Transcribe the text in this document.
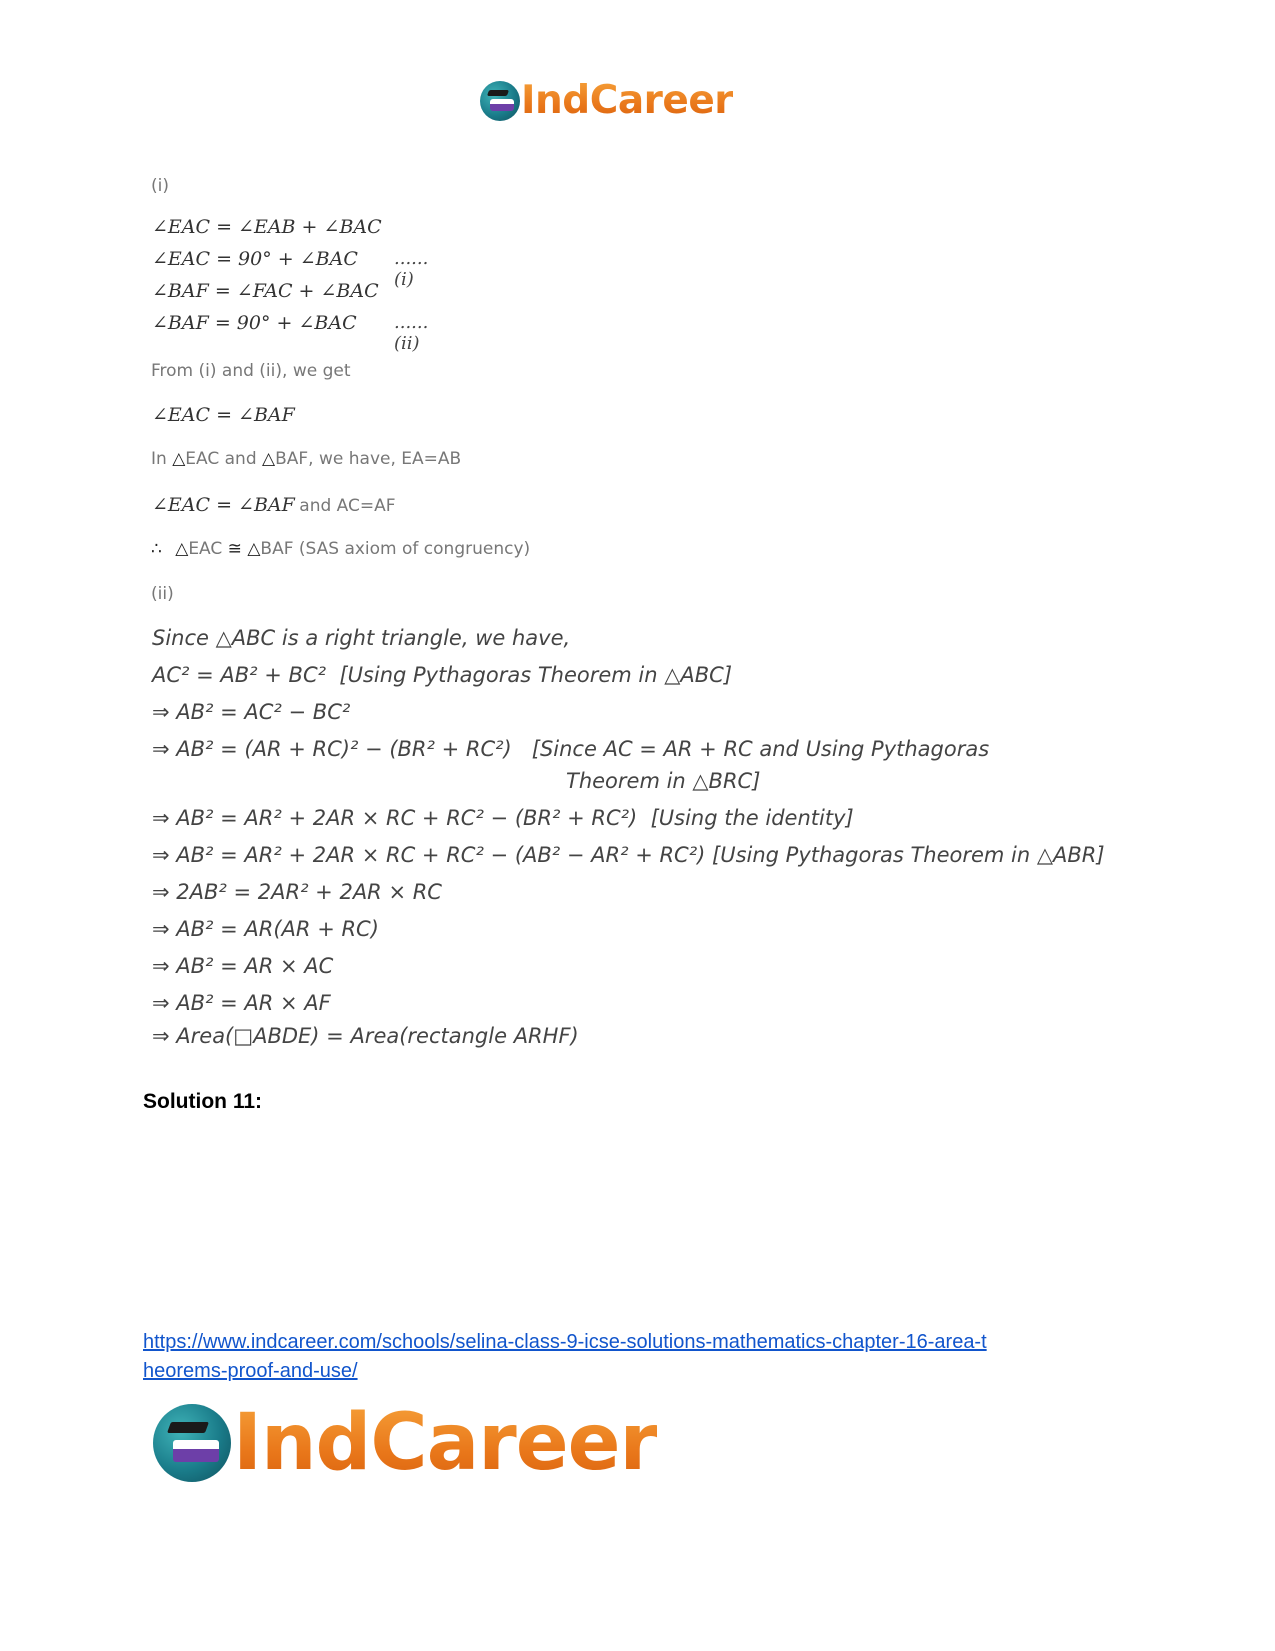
IndCareer
(i)
∠EAC = ∠EAB + ∠BAC
∠EAC = 90° + ∠BAC ......(i)
∠BAF = ∠FAC + ∠BAC
∠BAF = 90° + ∠BAC ......(ii)
From (i) and (ii), we get
∠EAC = ∠BAF
In △EAC and △BAF, we have, EA=AB
∠EAC = ∠BAF and AC=AF
∴ △EAC ≅ △BAF (SAS axiom of congruency)
(ii)
Since △ABC is a right triangle, we have,
AC² = AB² + BC²  [Using Pythagoras Theorem in △ABC]
⇒ AB² = AC² − BC²
⇒ AB² = (AR + RC)² − (BR² + RC²)   [Since AC = AR + RC and Using Pythagoras
Theorem in △BRC]
⇒ AB² = AR² + 2AR × RC + RC² − (BR² + RC²)  [Using the identity]
⇒ AB² = AR² + 2AR × RC + RC² − (AB² − AR² + RC²) [Using Pythagoras Theorem in △ABR]
⇒ 2AB² = 2AR² + 2AR × RC
⇒ AB² = AR(AR + RC)
⇒ AB² = AR × AC
⇒ AB² = AR × AF
⇒ Area(□ABDE) = Area(rectangle ARHF)
Solution 11:
https://www.indcareer.com/schools/selina-class-9-icse-solutions-mathematics-chapter-16-area-t
heorems-proof-and-use/
IndCareer
